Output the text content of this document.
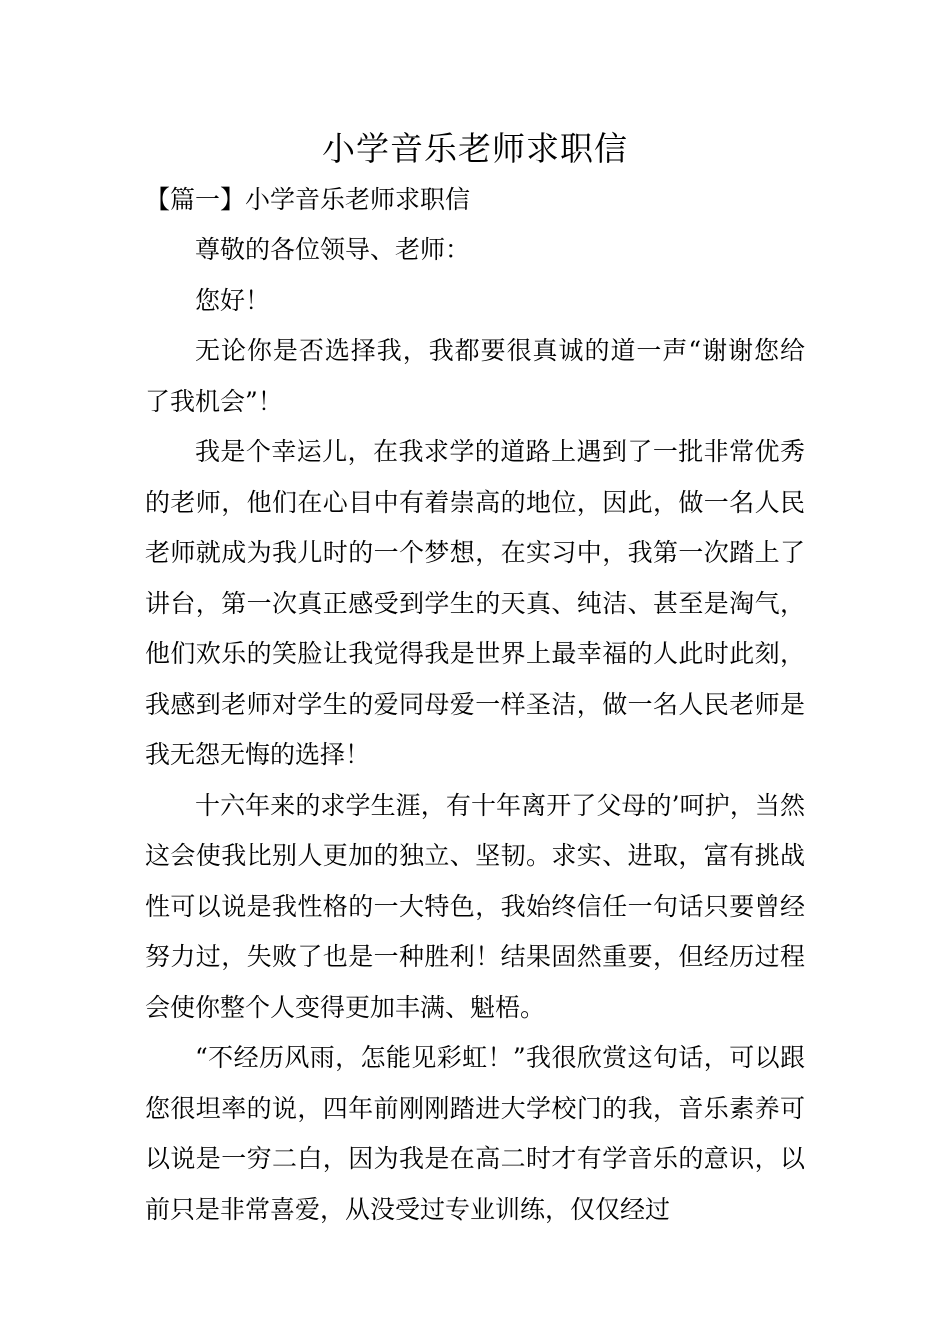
小学音乐老师求职信

【篇一】小学音乐老师求职信

尊敬的各位领导、老师：

您好！

无论你是否选择我，我都要很真诚的道一声“谢谢您给了我机会”！

我是个幸运儿，在我求学的道路上遇到了一批非常优秀的老师，他们在心目中有着崇高的地位，因此，做一名人民老师就成为我儿时的一个梦想，在实习中，我第一次踏上了讲台，第一次真正感受到学生的天真、纯洁、甚至是淘气，他们欢乐的笑脸让我觉得我是世界上最幸福的人此时此刻，我感到老师对学生的爱同母爱一样圣洁，做一名人民老师是我无怨无悔的选择！

十六年来的求学生涯，有十年离开了父母的’呵护，当然这会使我比别人更加的独立、坚韧。求实、进取，富有挑战性可以说是我性格的一大特色，我始终信任一句话只要曾经努力过，失败了也是一种胜利！结果固然重要，但经历过程会使你整个人变得更加丰满、魁梧。

“不经历风雨，怎能见彩虹！”我很欣赏这句话，可以跟您很坦率的说，四年前刚刚踏进大学校门的我，音乐素养可以说是一穷二白，因为我是在高二时才有学音乐的意识，以前只是非常喜爱，从没受过专业训练，仅仅经过
